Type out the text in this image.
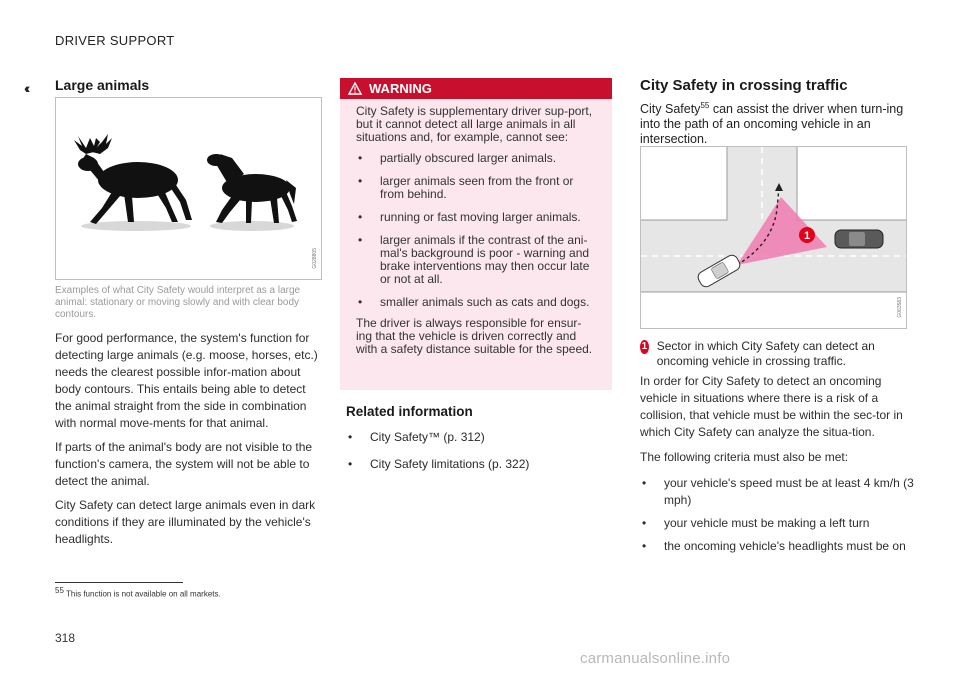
DRIVER SUPPORT
‹‹ Large animals
G028805
Examples of what City Safety would interpret as a large animal: stationary or moving slowly and with clear body contours.

For good performance, the system's function for detecting large animals (e.g. moose, horses, etc.) needs the clearest possible infor-mation about body contours. This entails being able to detect the animal straight from the side in combination with normal move-ments for that animal.

If parts of the animal's body are not visible to the function's camera, the system will not be able to detect the animal.

City Safety can detect large animals even in dark conditions if they are illuminated by the vehicle's headlights.

WARNING

City Safety is supplementary driver sup-port, but it cannot detect all large animals in all situations and, for example, cannot see:

• partially obscured larger animals.
• larger animals seen from the front or from behind.
• running or fast moving larger animals.
• larger animals if the contrast of the ani-mal's background is poor - warning and brake interventions may then occur late or not at all.
• smaller animals such as cats and dogs.

The driver is always responsible for ensur-ing that the vehicle is driven correctly and with a safety distance suitable for the speed.

Related information
• City Safety™ (p. 312)
• City Safety limitations (p. 322)
City Safety in crossing traffic
City Safety$^{55}$ can assist the driver when turn-ing into the path of an oncoming vehicle in an intersection.
1
G063583
1 Sector in which City Safety can detect an oncoming vehicle in crossing traffic.

In order for City Safety to detect an oncoming vehicle in situations where there is a risk of a collision, that vehicle must be within the sec-tor in which City Safety can analyze the situa-tion.

The following criteria must also be met:

• your vehicle's speed must be at least 4 km/h (3 mph)
• your vehicle must be making a left turn
• the oncoming vehicle's headlights must be on
$^{55}$ This function is not available on all markets.
318
carmanualsonline.info
